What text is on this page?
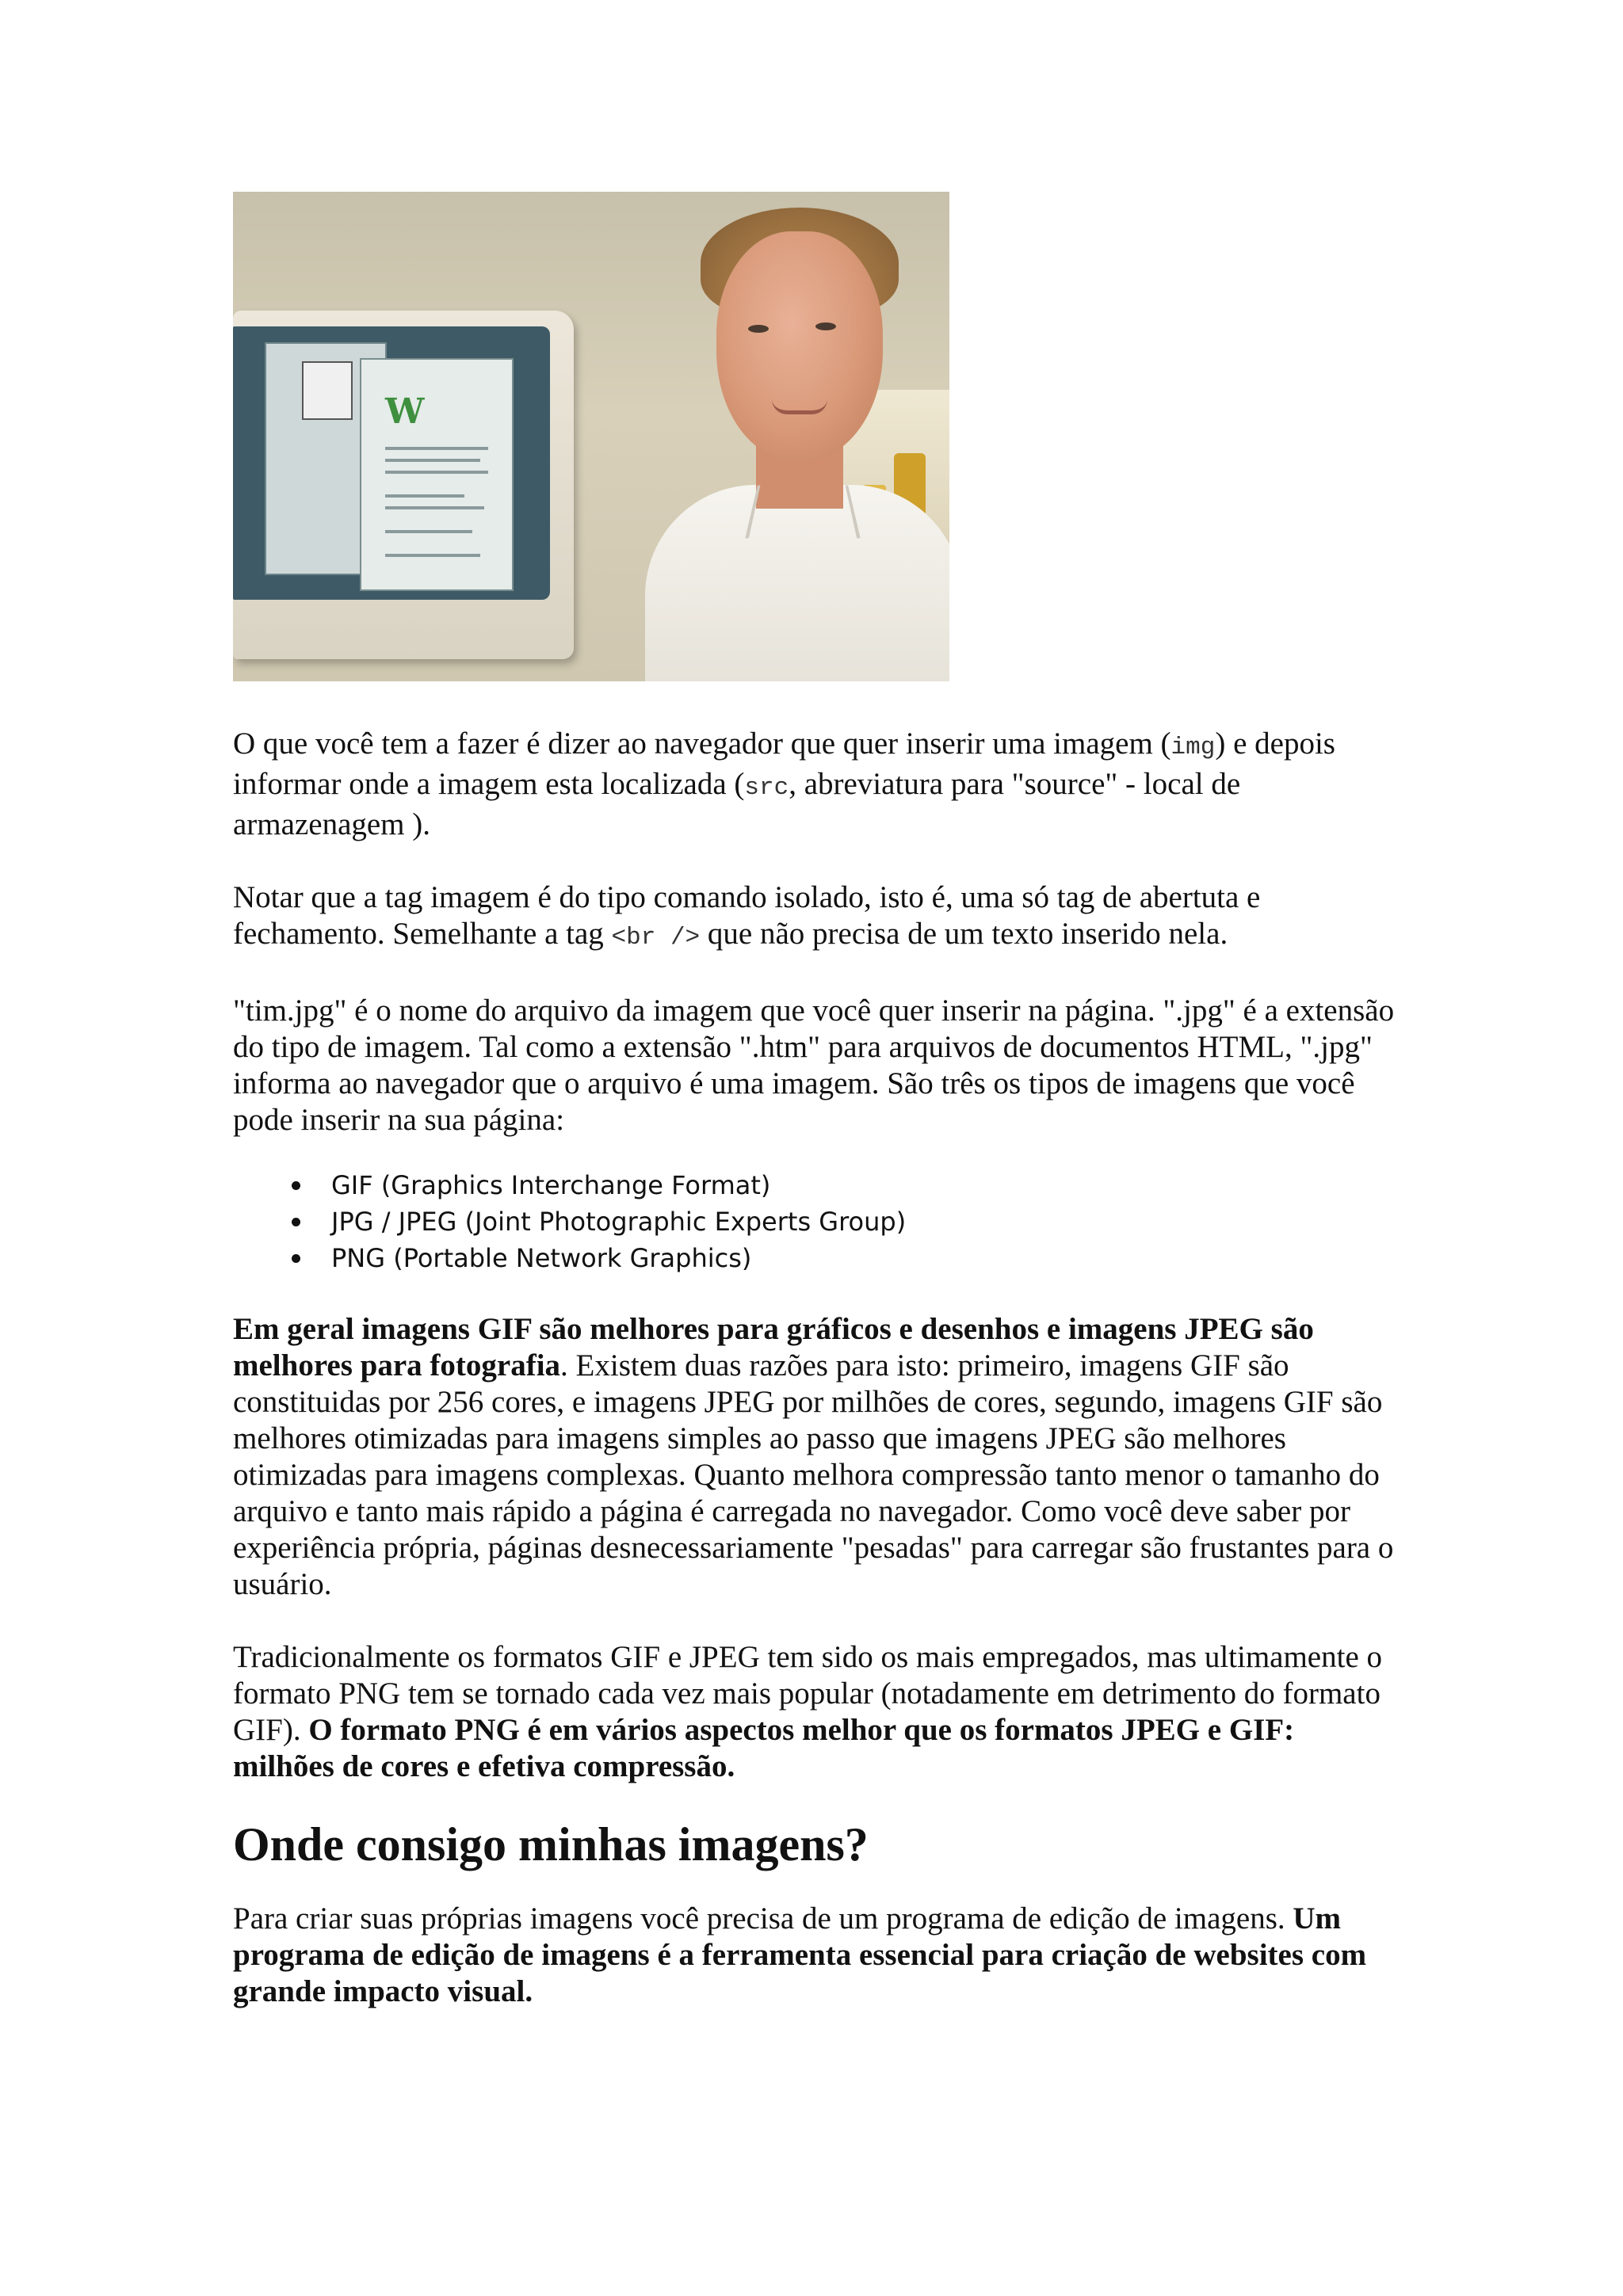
W

O que você tem a fazer é dizer ao navegador que quer inserir uma imagem (img) e depois informar onde a imagem esta localizada (src, abreviatura para "source" - local de armazenagem ).

Notar que a tag imagem é do tipo comando isolado, isto é, uma só tag de abertuta e fechamento. Semelhante a tag <br /> que não precisa de um texto inserido nela.

"tim.jpg" é o nome do arquivo da imagem que você quer inserir na página. ".jpg" é a extensão do tipo de imagem. Tal como a extensão ".htm" para arquivos de documentos HTML, ".jpg" informa ao navegador que o arquivo é uma imagem. São três os tipos de imagens que você pode inserir na sua página:

GIF (Graphics Interchange Format)
JPG / JPEG (Joint Photographic Experts Group)
PNG (Portable Network Graphics)

Em geral imagens GIF são melhores para gráficos e desenhos e imagens JPEG são melhores para fotografia. Existem duas razões para isto: primeiro, imagens GIF são constituidas por 256 cores, e imagens JPEG por milhões de cores, segundo, imagens GIF são melhores otimizadas para imagens simples ao passo que imagens JPEG são melhores otimizadas para imagens complexas. Quanto melhora compressão tanto menor o tamanho do arquivo e tanto mais rápido a página é carregada no navegador. Como você deve saber por experiência própria, páginas desnecessariamente "pesadas" para carregar são frustantes para o usuário.

Tradicionalmente os formatos GIF e JPEG tem sido os mais empregados, mas ultimamente o formato PNG tem se tornado cada vez mais popular (notadamente em detrimento do formato GIF). O formato PNG é em vários aspectos melhor que os formatos JPEG e GIF: milhões de cores e efetiva compressão.

Onde consigo minhas imagens?

Para criar suas próprias imagens você precisa de um programa de edição de imagens. Um programa de edição de imagens é a ferramenta essencial para criação de websites com grande impacto visual.
